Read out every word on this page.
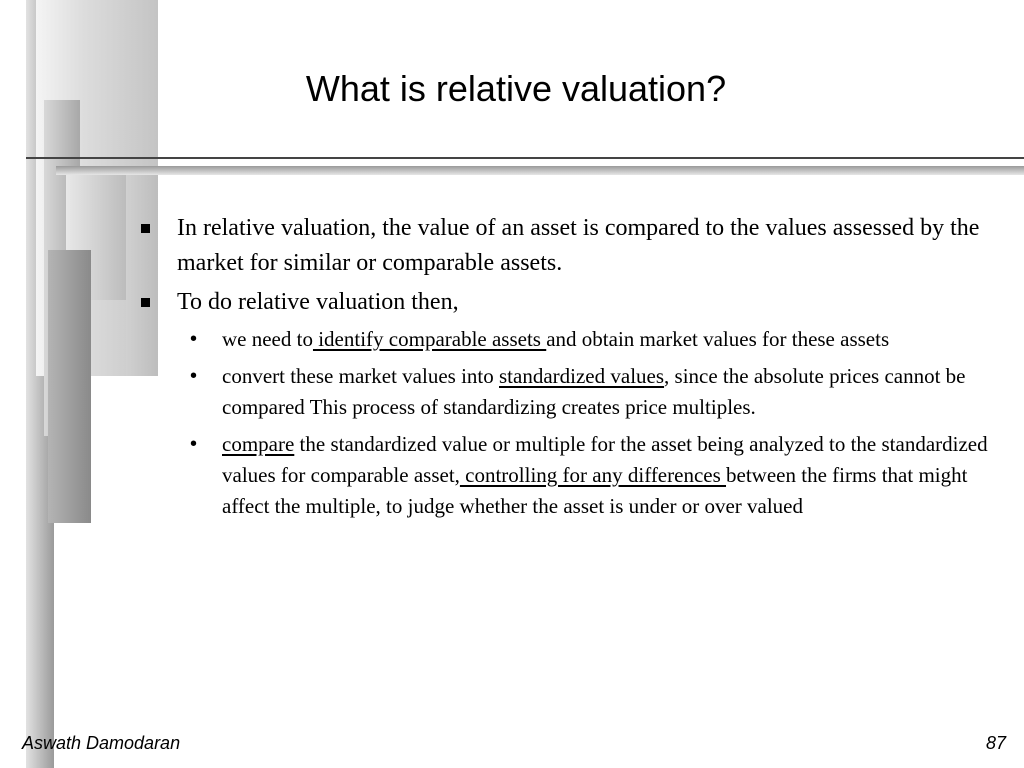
What is relative valuation?
In relative valuation, the value of an asset is compared to the values assessed by the market for similar or comparable assets.
To do relative valuation then,
• we need to identify comparable assets and obtain market values for these assets
• convert these market values into standardized values, since the absolute prices cannot be compared This process of standardizing creates price multiples.
• compare the standardized value or multiple for the asset being analyzed to the standardized values for comparable asset, controlling for any differences between the firms that might affect the multiple, to judge whether the asset is under or over valued
Aswath Damodaran	87
